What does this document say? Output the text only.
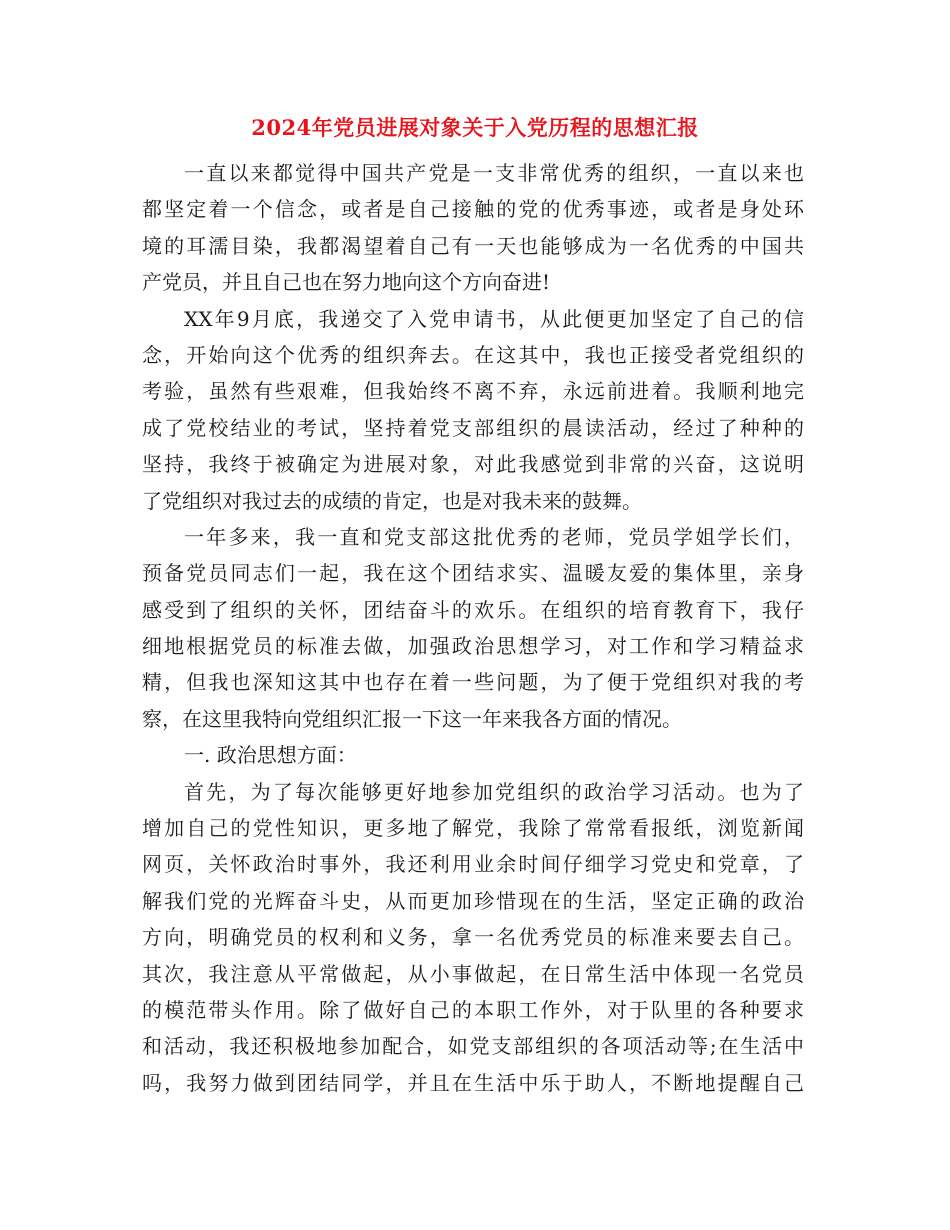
2024年党员进展对象关于入党历程的思想汇报
一直以来都觉得中国共产党是一支非常优秀的组织，一直以来也
都坚定着一个信念，或者是自己接触的党的优秀事迹，或者是身处环
境的耳濡目染，我都渴望着自己有一天也能够成为一名优秀的中国共
产党员，并且自己也在努力地向这个方向奋进!
XX年9月底，我递交了入党申请书，从此便更加坚定了自己的信
念，开始向这个优秀的组织奔去。在这其中，我也正接受者党组织的
考验，虽然有些艰难，但我始终不离不弃，永远前进着。我顺利地完
成了党校结业的考试，坚持着党支部组织的晨读活动，经过了种种的
坚持，我终于被确定为进展对象，对此我感觉到非常的兴奋，这说明
了党组织对我过去的成绩的肯定，也是对我未来的鼓舞。
一年多来，我一直和党支部这批优秀的老师，党员学姐学长们，
预备党员同志们一起，我在这个团结求实、温暖友爱的集体里，亲身
感受到了组织的关怀，团结奋斗的欢乐。在组织的培育教育下，我仔
细地根据党员的标准去做，加强政治思想学习，对工作和学习精益求
精，但我也深知这其中也存在着一些问题，为了便于党组织对我的考
察，在这里我特向党组织汇报一下这一年来我各方面的情况。
一. 政治思想方面：
首先，为了每次能够更好地参加党组织的政治学习活动。也为了
增加自己的党性知识，更多地了解党，我除了常常看报纸，浏览新闻
网页，关怀政治时事外，我还利用业余时间仔细学习党史和党章，了
解我们党的光辉奋斗史，从而更加珍惜现在的生活，坚定正确的政治
方向，明确党员的权利和义务，拿一名优秀党员的标准来要去自己。
其次，我注意从平常做起，从小事做起，在日常生活中体现一名党员
的模范带头作用。除了做好自己的本职工作外，对于队里的各种要求
和活动，我还积极地参加配合，如党支部组织的各项活动等;在生活中
吗，我努力做到团结同学，并且在生活中乐于助人，不断地提醒自己
